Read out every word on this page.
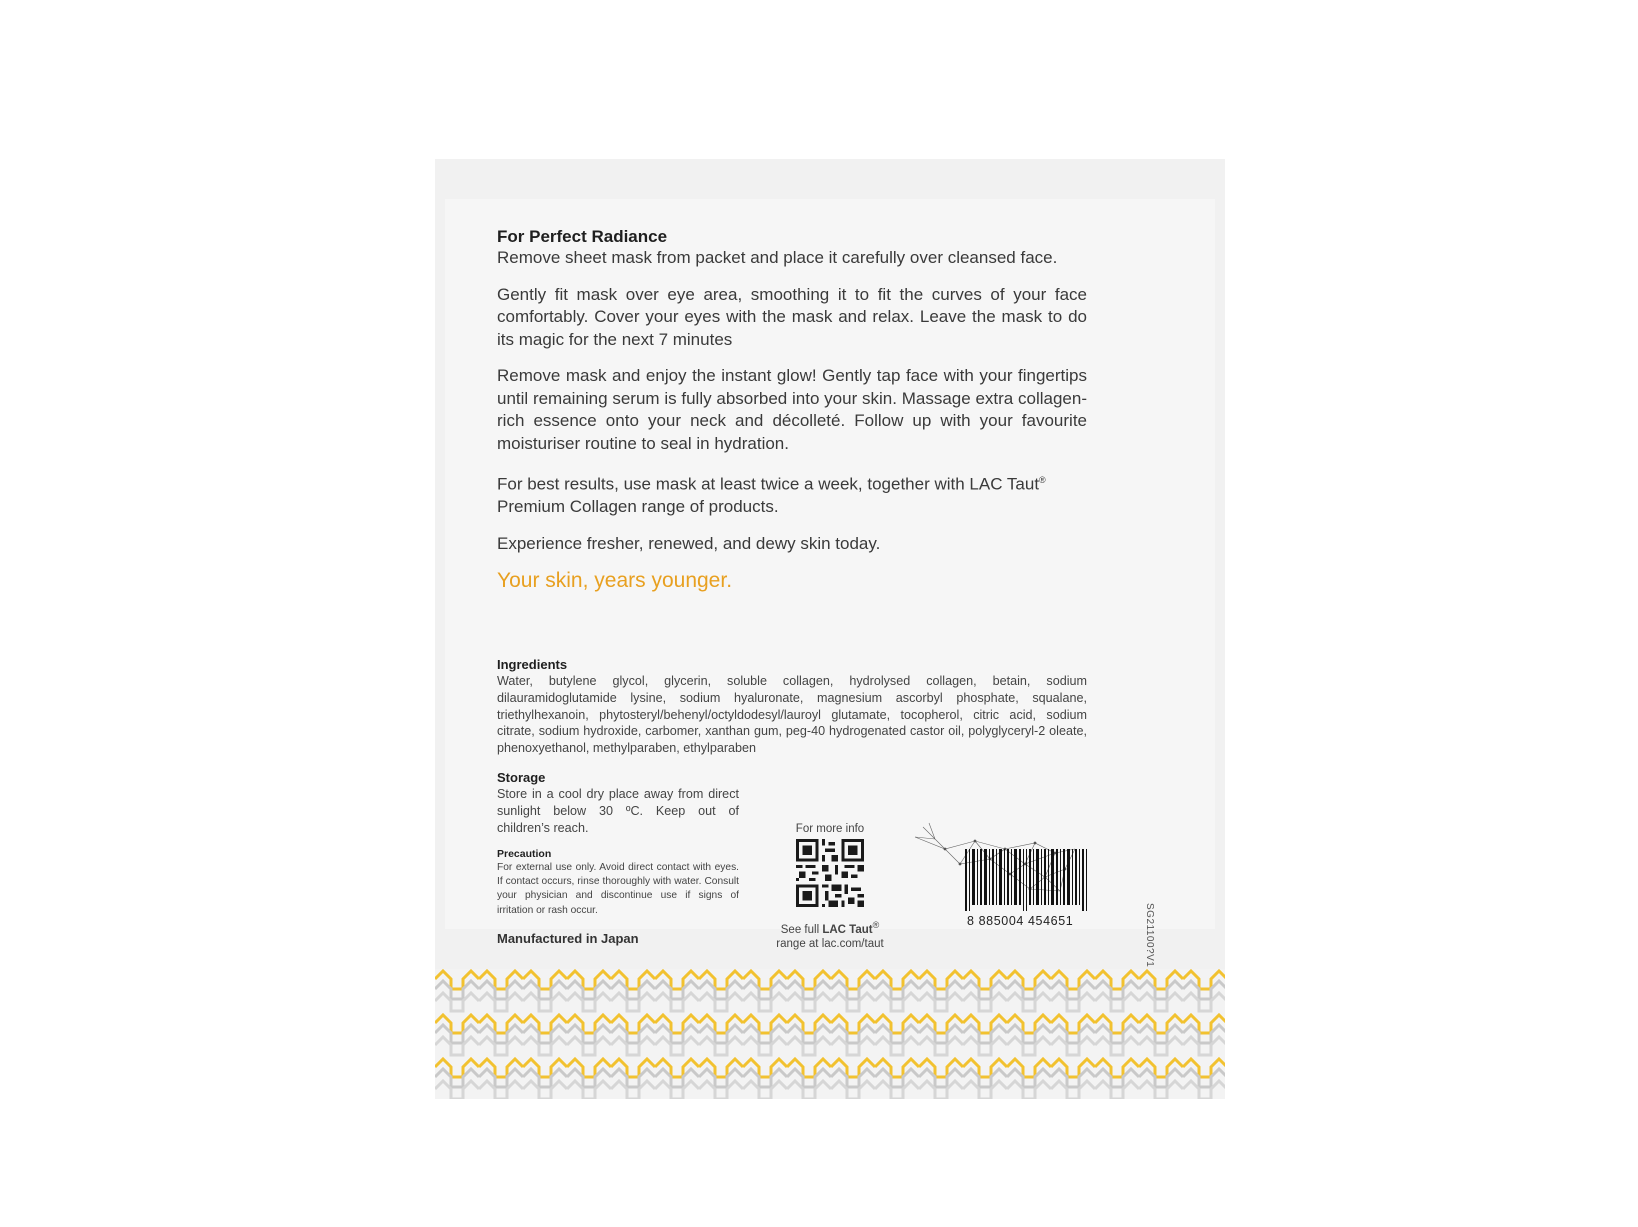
For Perfect Radiance

Remove sheet mask from packet and place it carefully over cleansed face.

Gently fit mask over eye area, smoothing it to fit the curves of your face comfortably. Cover your eyes with the mask and relax. Leave the mask to do its magic for the next 7 minutes

Remove mask and enjoy the instant glow! Gently tap face with your fingertips until remaining serum is fully absorbed into your skin. Massage extra collagen-rich essence onto your neck and décolleté. Follow up with your favourite moisturiser routine to seal in hydration.

For best results, use mask at least twice a week, together with LAC Taut®
Premium Collagen range of products.

Experience fresher, renewed, and dewy skin today.

Your skin, years younger.

Ingredients

Water, butylene glycol, glycerin, soluble collagen, hydrolysed collagen, betain, sodium dilauramidoglutamide lysine, sodium hyaluronate, magnesium ascorbyl phosphate, squalane, triethylhexanoin, phytosteryl/behenyl/octyldodesyl/lauroyl glutamate, tocopherol, citric acid, sodium citrate, sodium hydroxide, carbomer, xanthan gum, peg-40 hydrogenated castor oil, polyglyceryl-2 oleate, phenoxyethanol, methylparaben, ethylparaben

Storage

Store in a cool dry place away from direct sunlight below 30 ºC. Keep out of children’s reach.

Precaution

For external use only. Avoid direct contact with eyes. If contact occurs, rinse thoroughly with water. Consult your physician and discontinue use if signs of irritation or rash occur.

Manufactured in Japan
For more info
See full LAC Taut®
range at lac.com/taut
8 885004 454651	SG21100?V1
